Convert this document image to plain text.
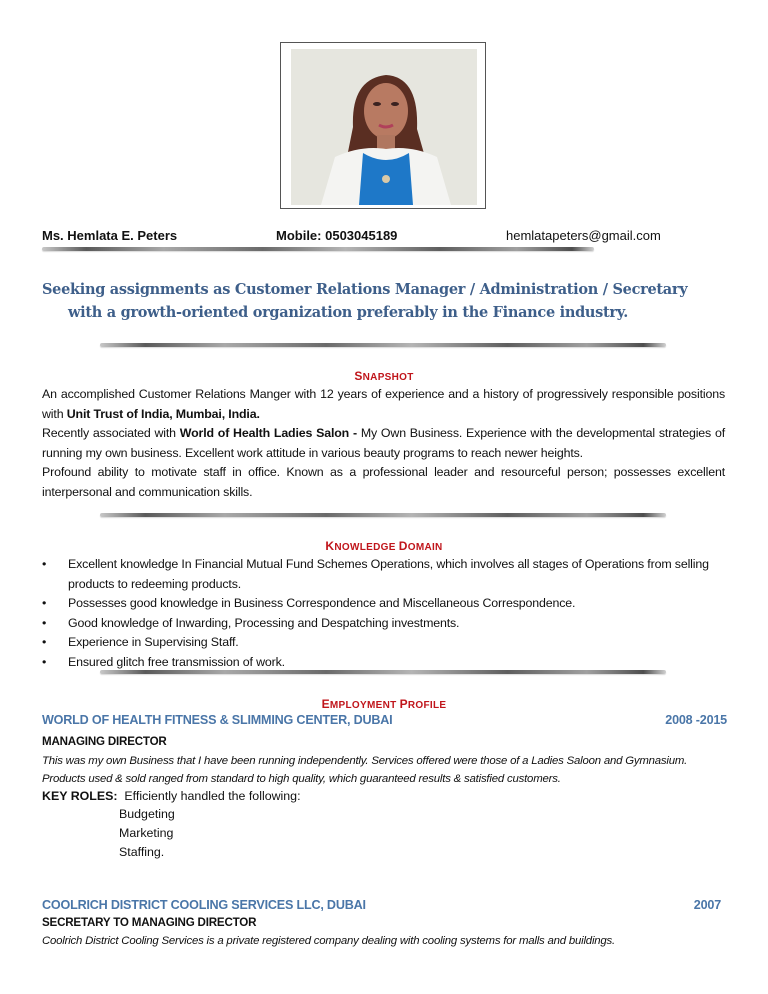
Ms. Hemlata E. Peters	Mobile: 0503045189	hemlatapeters@gmail.com
Seeking assignments as Customer Relations Manager / Administration / Secretary
with a growth-oriented organization preferably in the Finance industry.
SNAPSHOT
An accomplished Customer Relations Manger with 12 years of experience and a history of progressively responsible positions with Unit Trust of India, Mumbai, India.
Recently associated with World of Health Ladies Salon - My Own Business. Experience with the developmental strategies of running my own business. Excellent work attitude in various beauty programs to reach newer heights.
Profound ability to motivate staff in office. Known as a professional leader and resourceful person; possesses excellent interpersonal and communication skills.
KNOWLEDGE DOMAIN
•	Excellent knowledge In Financial Mutual Fund Schemes Operations, which involves all stages of Operations from selling products to redeeming products.
•	Possesses good knowledge in Business Correspondence and Miscellaneous Correspondence.
•	Good knowledge of Inwarding, Processing and Despatching investments.
•	Experience in Supervising Staff.
•	Ensured glitch free transmission of work.
EMPLOYMENT PROFILE
WORLD OF HEALTH FITNESS & SLIMMING CENTER, DUBAI	2008 -2015
MANAGING DIRECTOR
This was my own Business that I have been running independently. Services offered were those of a Ladies Saloon and Gymnasium. Products used & sold ranged from standard to high quality, which guaranteed results & satisfied customers.
KEY ROLES: Efficiently handled the following:
Budgeting
Marketing
Staffing.
COOLRICH DISTRICT COOLING SERVICES LLC, DUBAI	2007
SECRETARY TO MANAGING DIRECTOR
Coolrich District Cooling Services is a private registered company dealing with cooling systems for malls and buildings.
